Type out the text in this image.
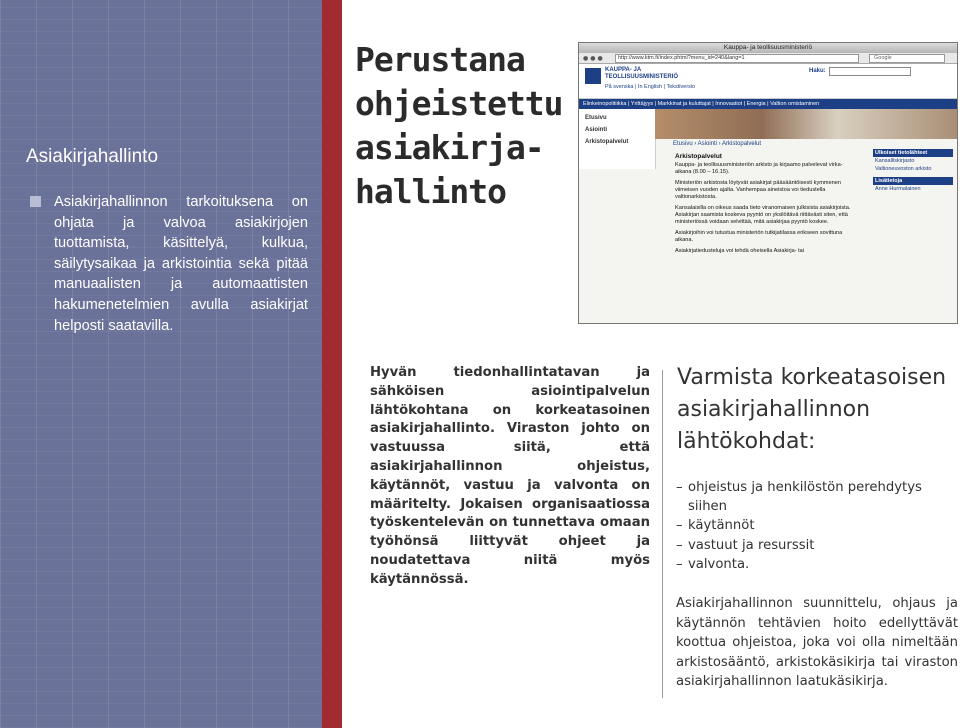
Asiakirjahallinto

Asiakirjahallinnon tarkoituksena on ohjata ja valvoa asiakirjojen tuottamista, käsittelyä, kulkua, säilytysaikaa ja arkistointia sekä pitää manuaalisten ja automaattisten hakumenetelmien avulla asiakirjat helposti saatavilla.

Perustana
ohjeistettu
asiakirja-
hallinto
Kauppa- ja teollisuusministeriö
●●●	http://www.ktm.fi/index.phtml?menu_id=240&lang=1	Google
KAUPPA- JA
TEOLLISUUSMINISTERIÖ
Haku:
På svenska | In English | Tekstiversio
Elinkeinopolitiikka | Yrittäjyys | Markkinat ja kuluttajat | Innovaatiot | Energia | Valtion omistaminen
Etusivu
Asiointi
Arkistopalvelut	Etusivu › Asiointi › Arkistopalvelut
Arkistopalvelut

Kauppa- ja teollisuusministeriön arkisto ja kirjaamo palvelevat virka-aikana (8.00 – 16.15).

Ministeriön arkistosta löytyvät asiakirjat pääsääntöisesti kymmenen viimeisen vuoden ajalta. Vanhempaa aineistoa voi tiedustella valtionarkistosta.

Kansalaisilla on oikeus saada tieto viranomaisen julkisista asiakirjoista. Asiakirjan saamista koskeva pyyntö on yksilöitävä riittävästi siten, että ministeriössä voidaan selvittää, mitä asiakirjaa pyyntö koskee.

Asiakirjoihin voi tutustua ministeriön tutkijatilassa erikseen sovittuna aikana.

Asiakirjatiedusteluja voi tehdä oheisella Asiakirja- tai

Ulkoiset tietolähteet
Kansalliskirjasto
Valtioneuvoston arkisto
Lisätietoja
Anne Hurmalainen

Hyvän tiedonhallintatavan ja sähköisen asiointipalvelun lähtökohtana on korkeatasoinen asiakirjahallinto. Viraston johto on vastuussa siitä, että asiakirjahallinnon ohjeistus, käytännöt, vastuu ja valvonta on määritelty. Jokaisen organisaatiossa työskentelevän on tunnettava omaan työhönsä liittyvät ohjeet ja noudatettava niitä myös käytännössä.

Varmista korkeatasoisen asiakirjahallinnon lähtökohdat:
– ohjeistus ja henkilöstön perehdytys siihen
– käytännöt
– vastuut ja resurssit
– valvonta.

Asiakirjahallinnon suunnittelu, ohjaus ja käytännön tehtävien hoito edellyttävät koottua ohjeistoa, joka voi olla nimeltään arkistosääntö, arkistokäsikirja tai viraston asiakirjahallinnon laatukäsikirja.
